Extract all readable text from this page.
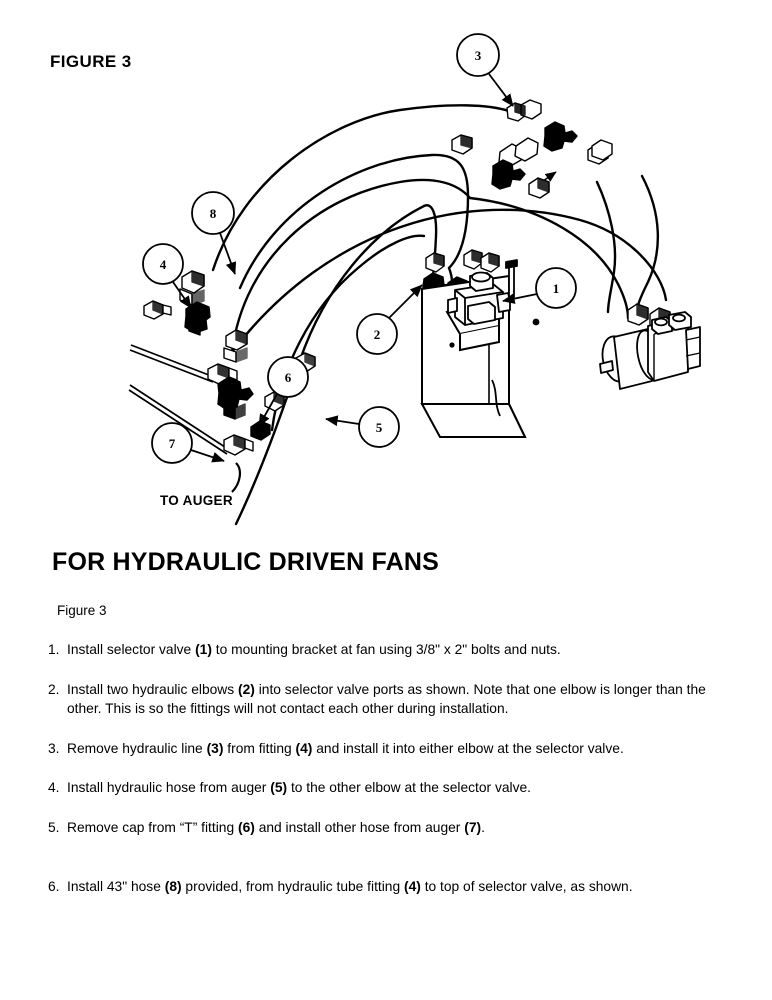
FIGURE 3
1
2
3
4
5
6
7
8
TO AUGER
FOR HYDRAULIC DRIVEN FANS
Figure 3
1. Install selector valve (1) to mounting bracket at fan using 3/8" x 2" bolts and nuts.
2. Install two hydraulic elbows (2) into selector valve ports as shown. Note that one elbow is longer than the other. This is so the fittings will not contact each other during installation.
3. Remove hydraulic line (3) from fitting (4) and install it into either elbow at the selector valve.
4. Install hydraulic hose from auger (5) to the other elbow at the selector valve.
5. Remove cap from “T” fitting (6) and install other hose from auger (7).
6. Install 43" hose (8) provided, from hydraulic tube fitting (4) to top of selector valve, as shown.
